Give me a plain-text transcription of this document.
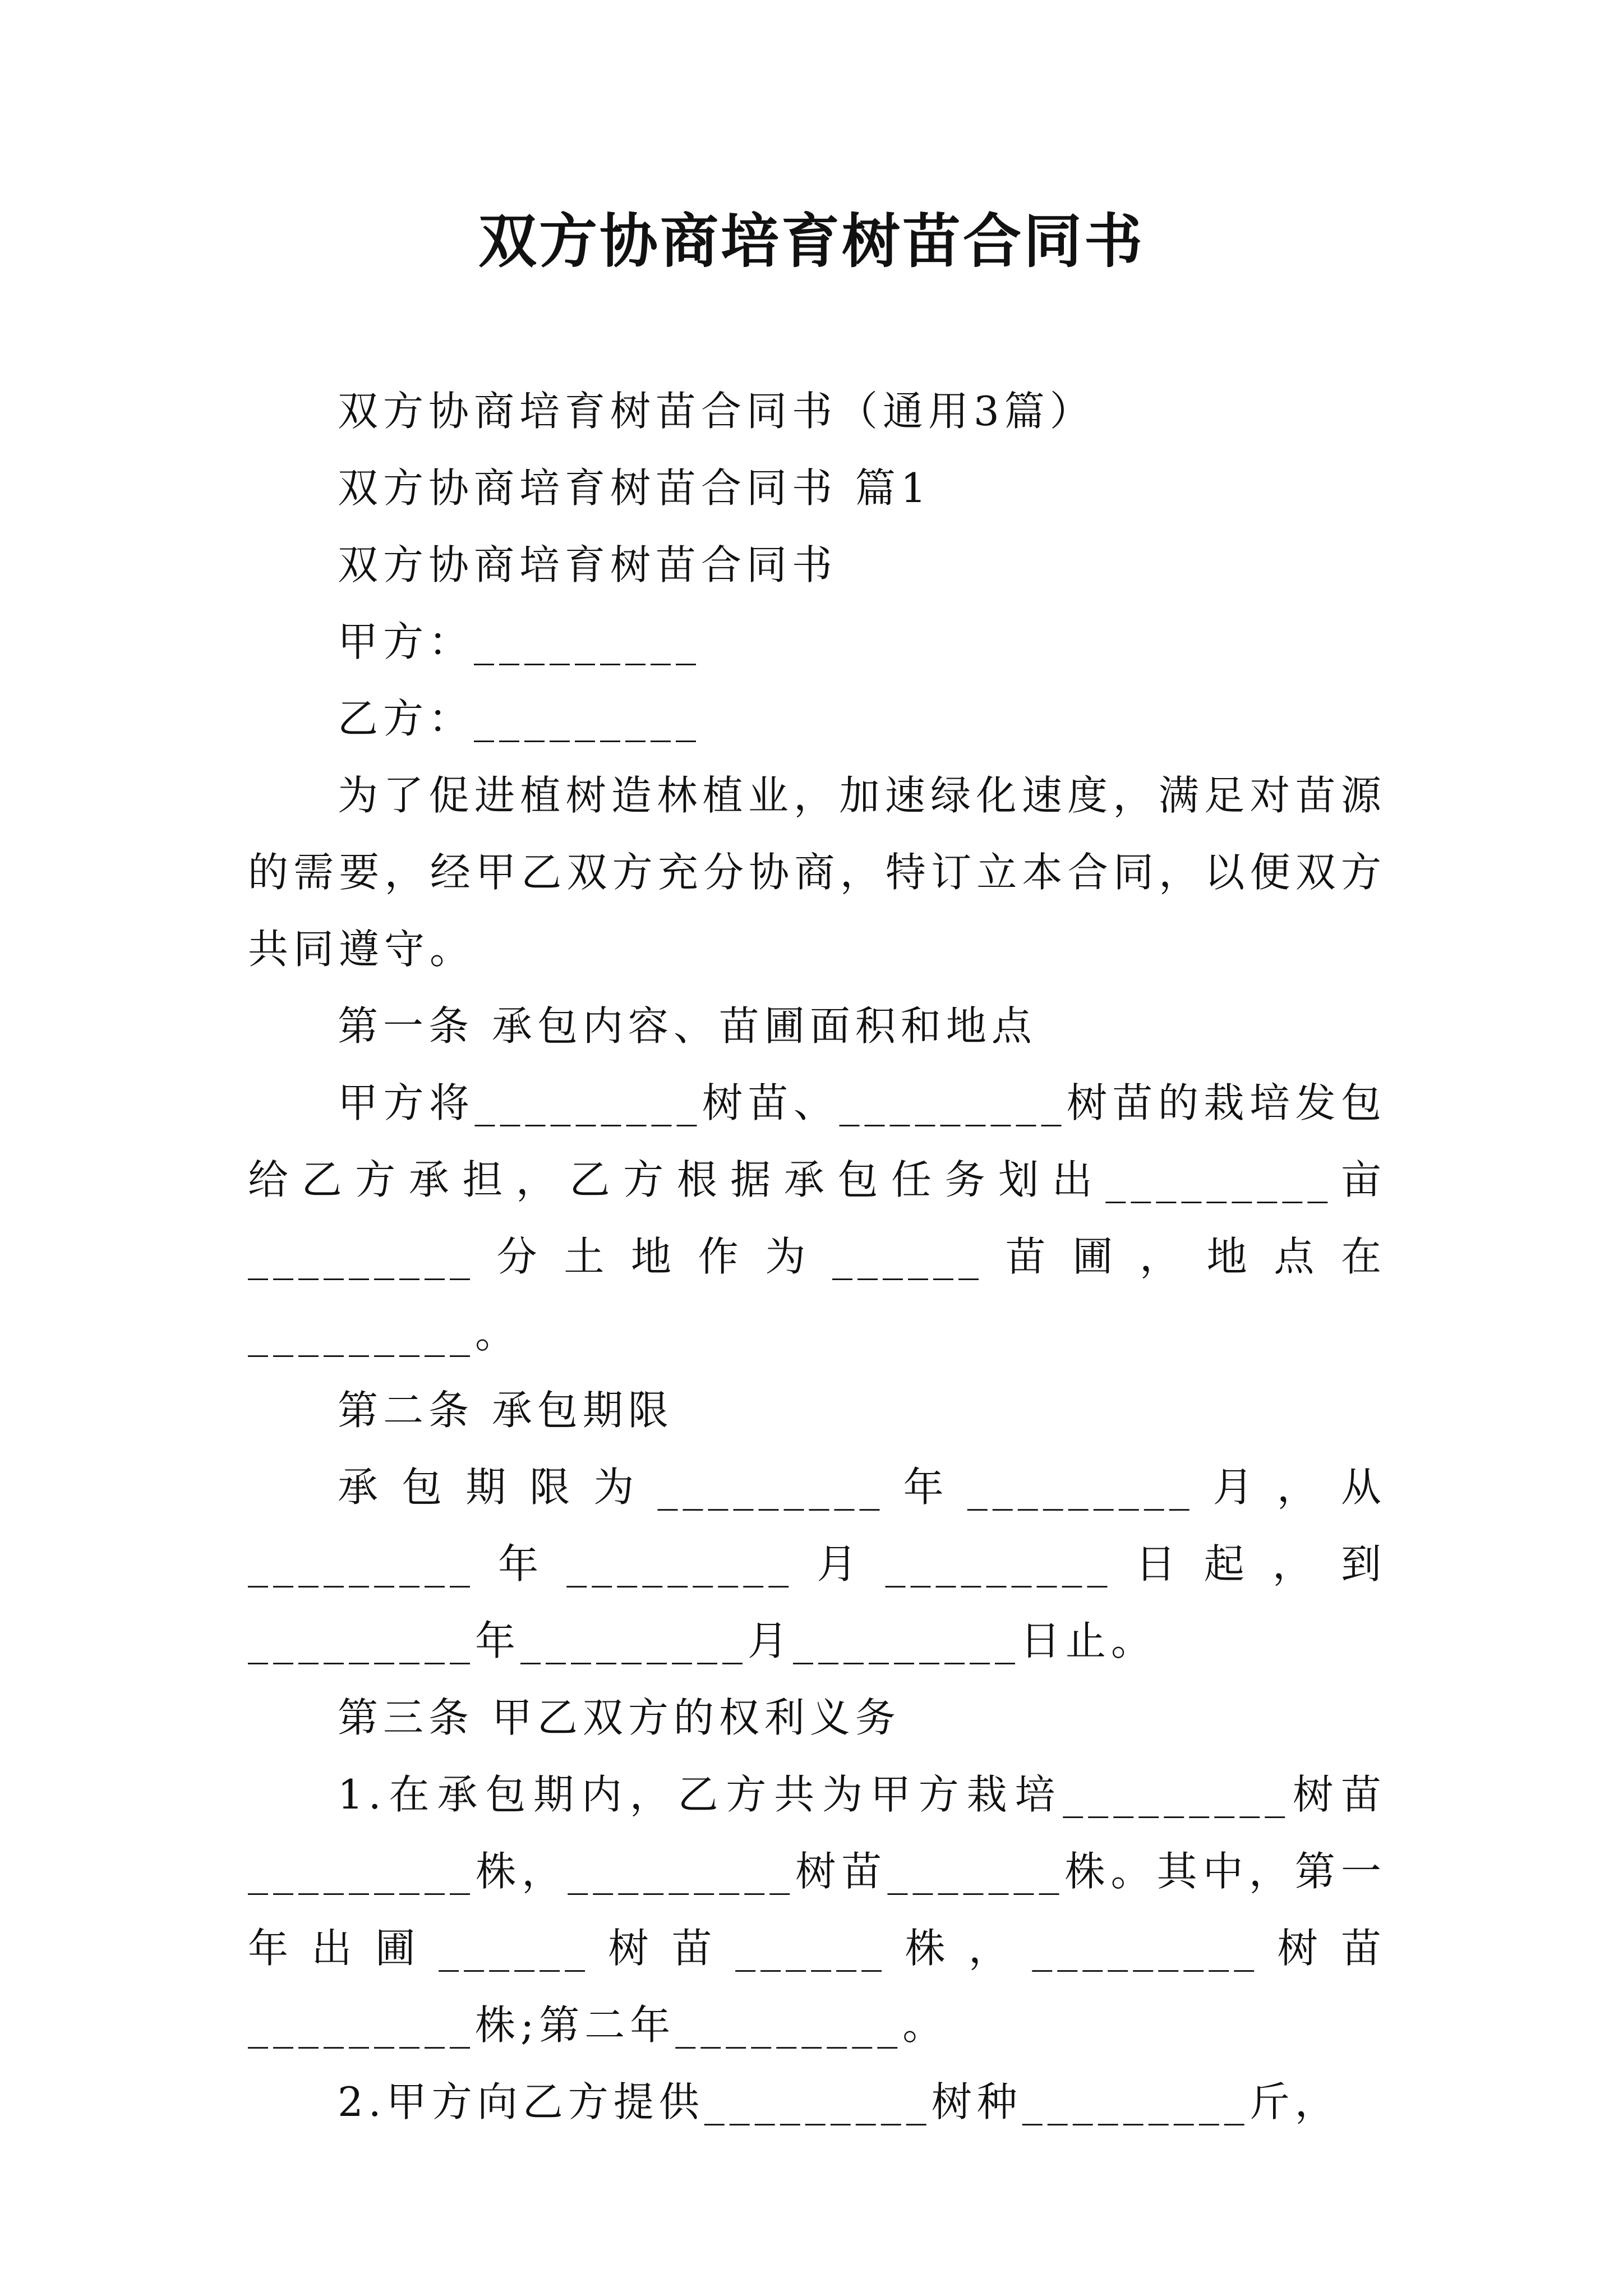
双方协商培育树苗合同书

双方协商培育树苗合同书（通用3篇）

双方协商培育树苗合同书 篇1

双方协商培育树苗合同书

甲方：_________

乙方：_________

为了促进植树造林植业，加速绿化速度，满足对苗源的需要，经甲乙双方充分协商，特订立本合同，以便双方共同遵守。

第一条 承包内容、苗圃面积和地点

甲方将_________树苗、_________树苗的栽培发包给乙方承担，乙方根据承包任务划出_________亩_________分土地作为______苗圃，地点在_________。

第二条 承包期限

承包期限为_________年_________月，从_________年_________月_________日起，到_________年_________月_________日止。

第三条 甲乙双方的权利义务

1.在承包期内，乙方共为甲方栽培_________树苗_________株，_________树苗_______株。其中，第一年出圃______树苗______株，_________树苗_________株;第二年_________。

2.甲方向乙方提供_________树种_________斤，
